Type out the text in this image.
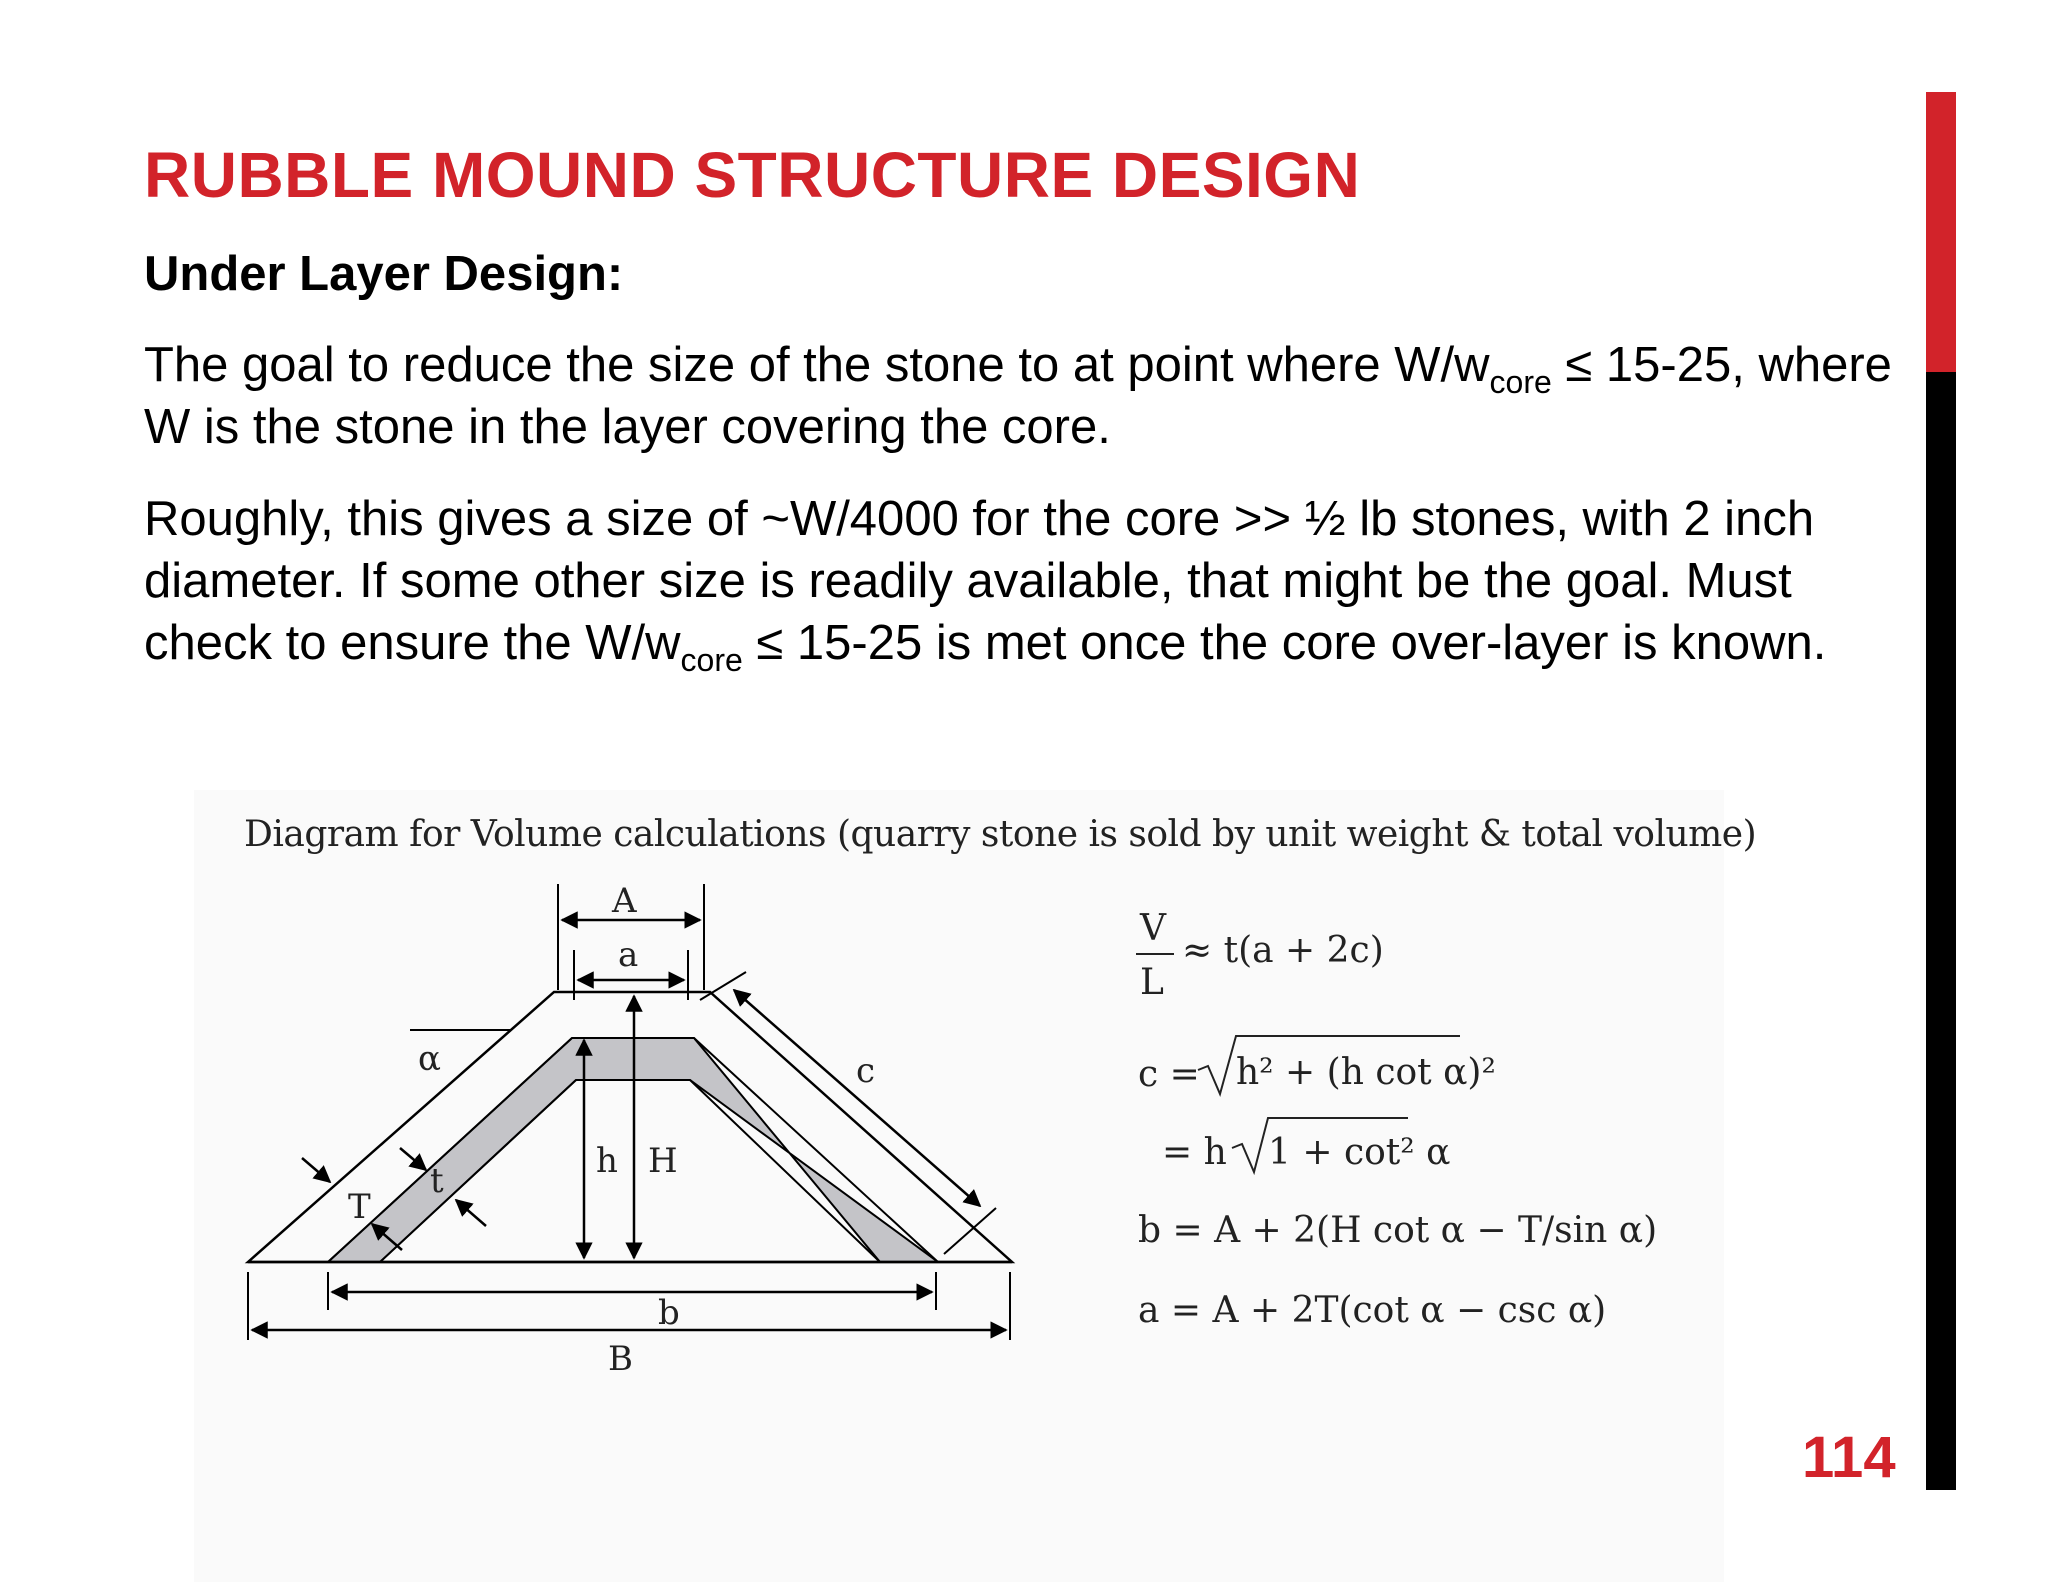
RUBBLE MOUND STRUCTURE DESIGN
Under Layer Design:

The goal to reduce the size of the stone to at point where $W/w_{core} \le 15-25$, where W is the stone in the layer covering the core.

Roughly, this gives a size of ~W/4000 for the core >> ½ lb stones, with 2 inch diameter. If some other size is readily available, that might be the goal. Must check to ensure the $W/w_{core} \le 15-25$ is met once the core over-layer is known.

Diagram for Volume calculations (quarry stone is sold by unit weight & total volume)

A
a
α	c
h H
T
t
b
B
V
L
≈ t(a + 2c)
c = h² + (h cot α)²
= h 1 + cot² α
b = A + 2(H cot α − T/sin α)
a = A + 2T(cot α − csc α)

114
